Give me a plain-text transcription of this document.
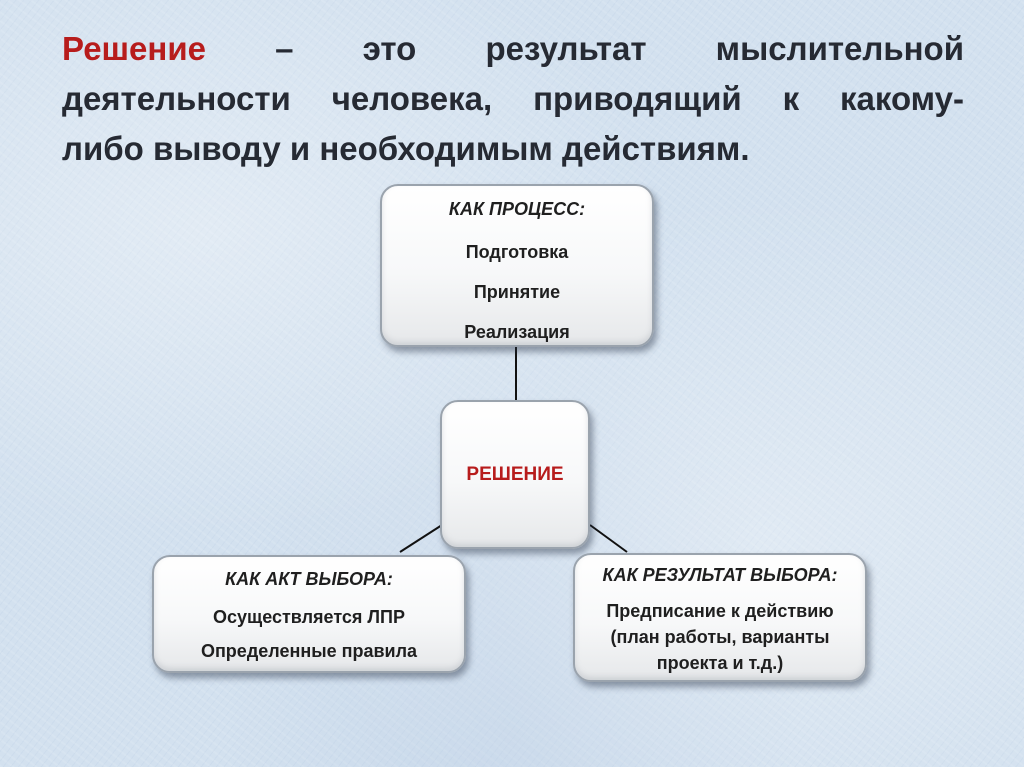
Решение – это результат мыслительной
деятельности человека, приводящий к какому-
либо выводу и необходимым действиям.
КАК ПРОЦЕСС:
Подготовка
Принятие
Реализация
РЕШЕНИЕ
КАК АКТ ВЫБОРА:
Осуществляется ЛПР
Определенные правила
КАК РЕЗУЛЬТАТ ВЫБОРА:
Предписание к действию
(план работы, варианты
проекта и т.д.)
